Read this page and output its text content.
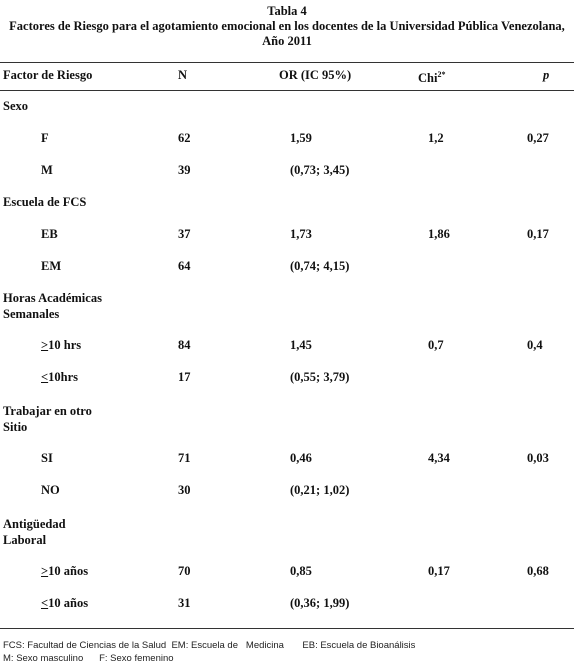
Tabla 4
Factores de Riesgo para el agotamiento emocional en los docentes de la Universidad Pública Venezolana,
Año 2011
Factor de Riesgo	N	OR (IC 95%)	Chi$^{2*}$	p
Sexo
F	62	1,59	1,2	0,27
M	39	(0,73; 3,45)
Escuela de FCS
EB	37	1,73	1,86	0,17
EM	64	(0,74; 4,15)
Horas Académicas
Semanales
>10 hrs	84	1,45	0,7	0,4
<10hrs	17	(0,55; 3,79)
Trabajar en otro
Sitio
SI	71	0,46	4,34	0,03
NO	30	(0,21; 1,02)
Antigüedad
Laboral
>10 años	70	0,85	0,17	0,68
<10 años	31	(0,36; 1,99)
FCS: Facultad de Ciencias de la Salud  EM: Escuela de   Medicina       EB: Escuela de Bioanálisis
M: Sexo masculino      F: Sexo femenino
